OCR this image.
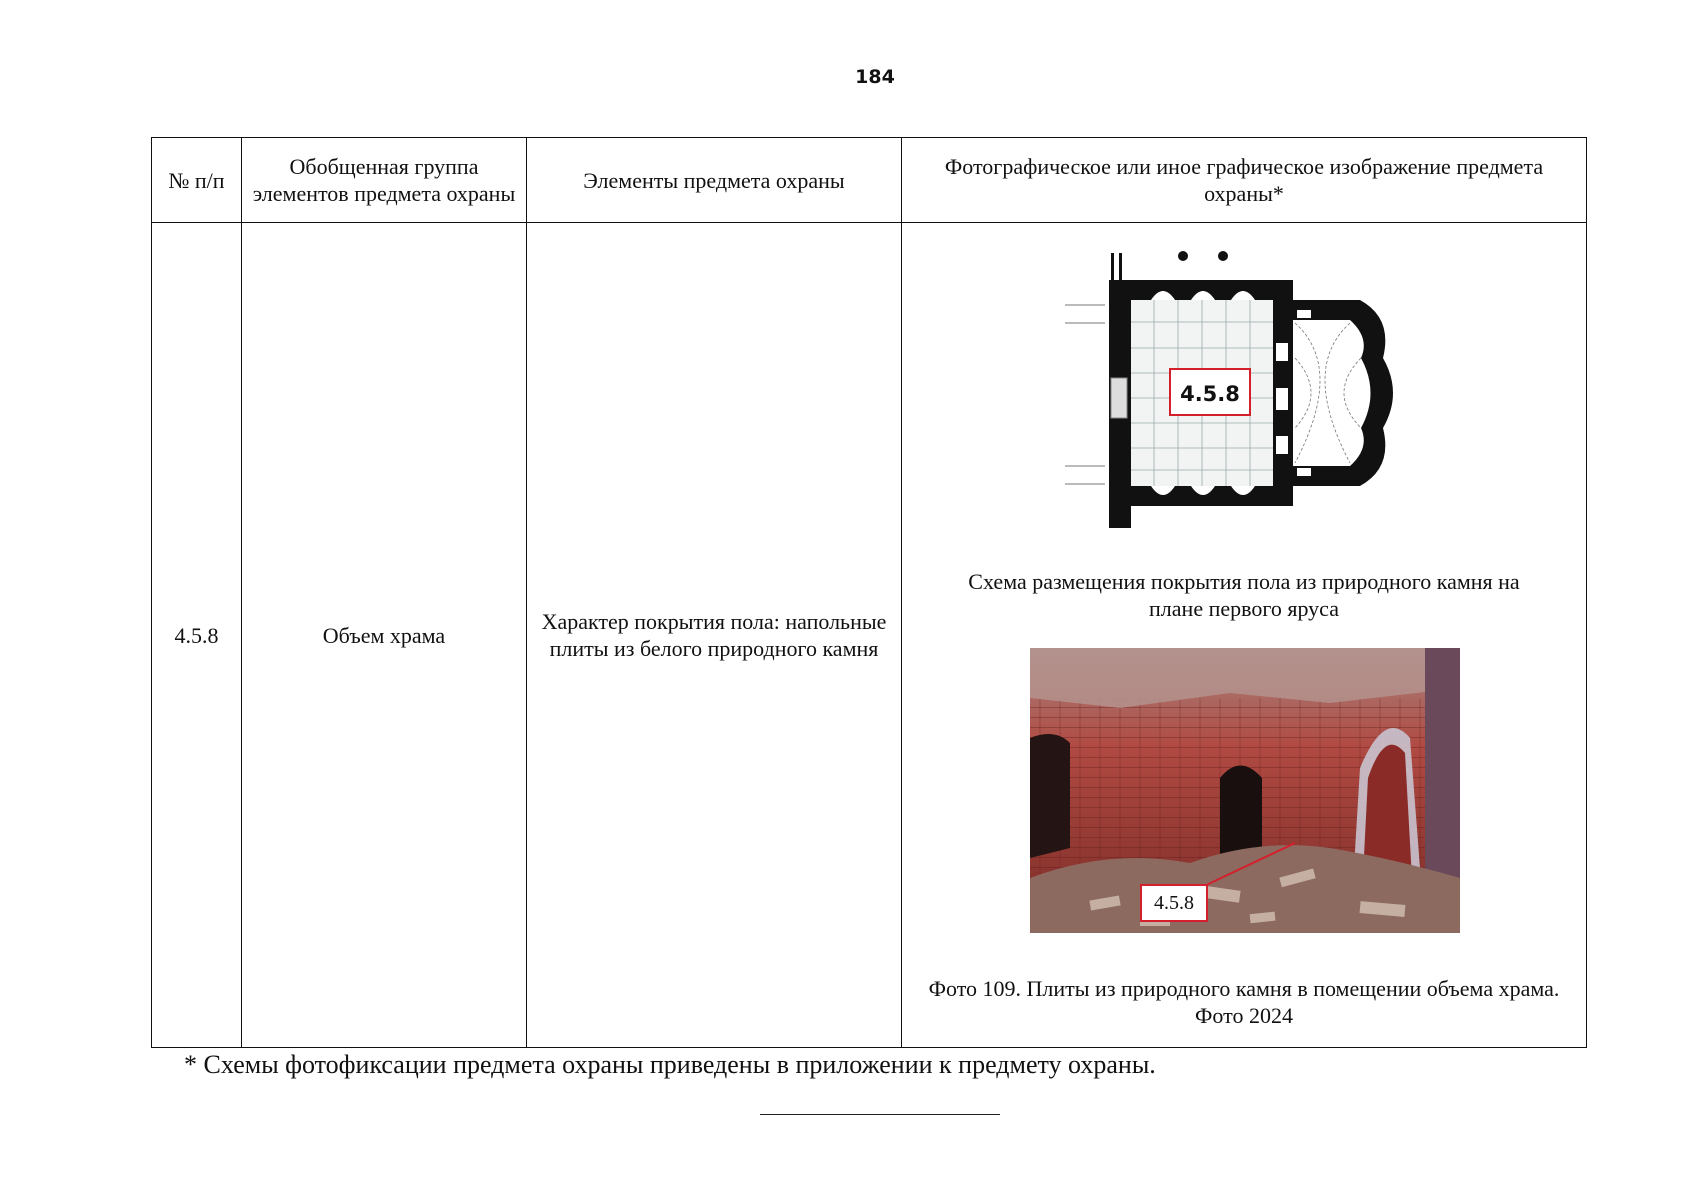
184
№ п/п	Обобщенная группа элементов предмета охраны	Элементы предмета охраны	Фотографическое или иное графическое изображение предмета охраны*
4.5.8	Объем храма	Характер покрытия пола: напольные плиты из белого природного камня	4.5.8
Схема размещения покрытия пола из природного камня на плане первого яруса
4.5.8
Фото 109. Плиты из природного камня в помещении объема храма.
Фото 2024
* Схемы фотофиксации предмета охраны приведены в приложении к предмету охраны.
